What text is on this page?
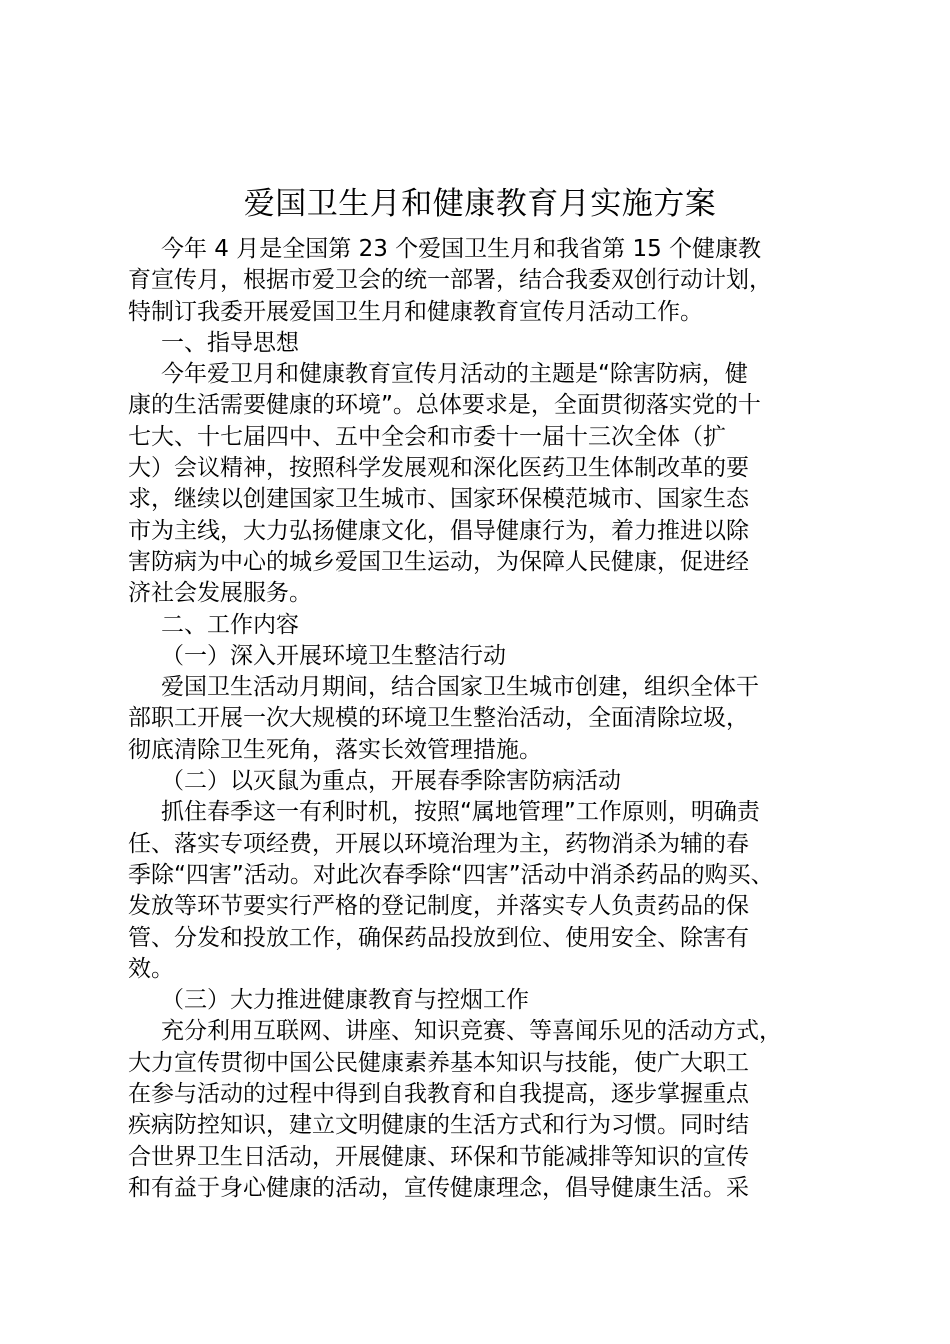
爱国卫生月和健康教育月实施方案
今年 4 月是全国第 23 个爱国卫生月和我省第 15 个健康教
育宣传月，根据市爱卫会的统一部署，结合我委双创行动计划，
特制订我委开展爱国卫生月和健康教育宣传月活动工作。
一、指导思想
今年爱卫月和健康教育宣传月活动的主题是“除害防病，健
康的生活需要健康的环境”。总体要求是，全面贯彻落实党的十
七大、十七届四中、五中全会和市委十一届十三次全体（扩
大）会议精神，按照科学发展观和深化医药卫生体制改革的要
求，继续以创建国家卫生城市、国家环保模范城市、国家生态
市为主线，大力弘扬健康文化，倡导健康行为，着力推进以除
害防病为中心的城乡爱国卫生运动，为保障人民健康，促进经
济社会发展服务。
二、工作内容
（一）深入开展环境卫生整洁行动
爱国卫生活动月期间，结合国家卫生城市创建，组织全体干
部职工开展一次大规模的环境卫生整治活动，全面清除垃圾，
彻底清除卫生死角，落实长效管理措施。
（二）以灭鼠为重点，开展春季除害防病活动
抓住春季这一有利时机，按照“属地管理”工作原则，明确责
任、落实专项经费，开展以环境治理为主，药物消杀为辅的春
季除“四害”活动。对此次春季除“四害”活动中消杀药品的购买、
发放等环节要实行严格的登记制度，并落实专人负责药品的保
管、分发和投放工作，确保药品投放到位、使用安全、除害有
效。
（三）大力推进健康教育与控烟工作
充分利用互联网、讲座、知识竞赛、等喜闻乐见的活动方式，
大力宣传贯彻中国公民健康素养基本知识与技能，使广大职工
在参与活动的过程中得到自我教育和自我提高，逐步掌握重点
疾病防控知识，建立文明健康的生活方式和行为习惯。同时结
合世界卫生日活动，开展健康、环保和节能减排等知识的宣传
和有益于身心健康的活动，宣传健康理念，倡导健康生活。采
